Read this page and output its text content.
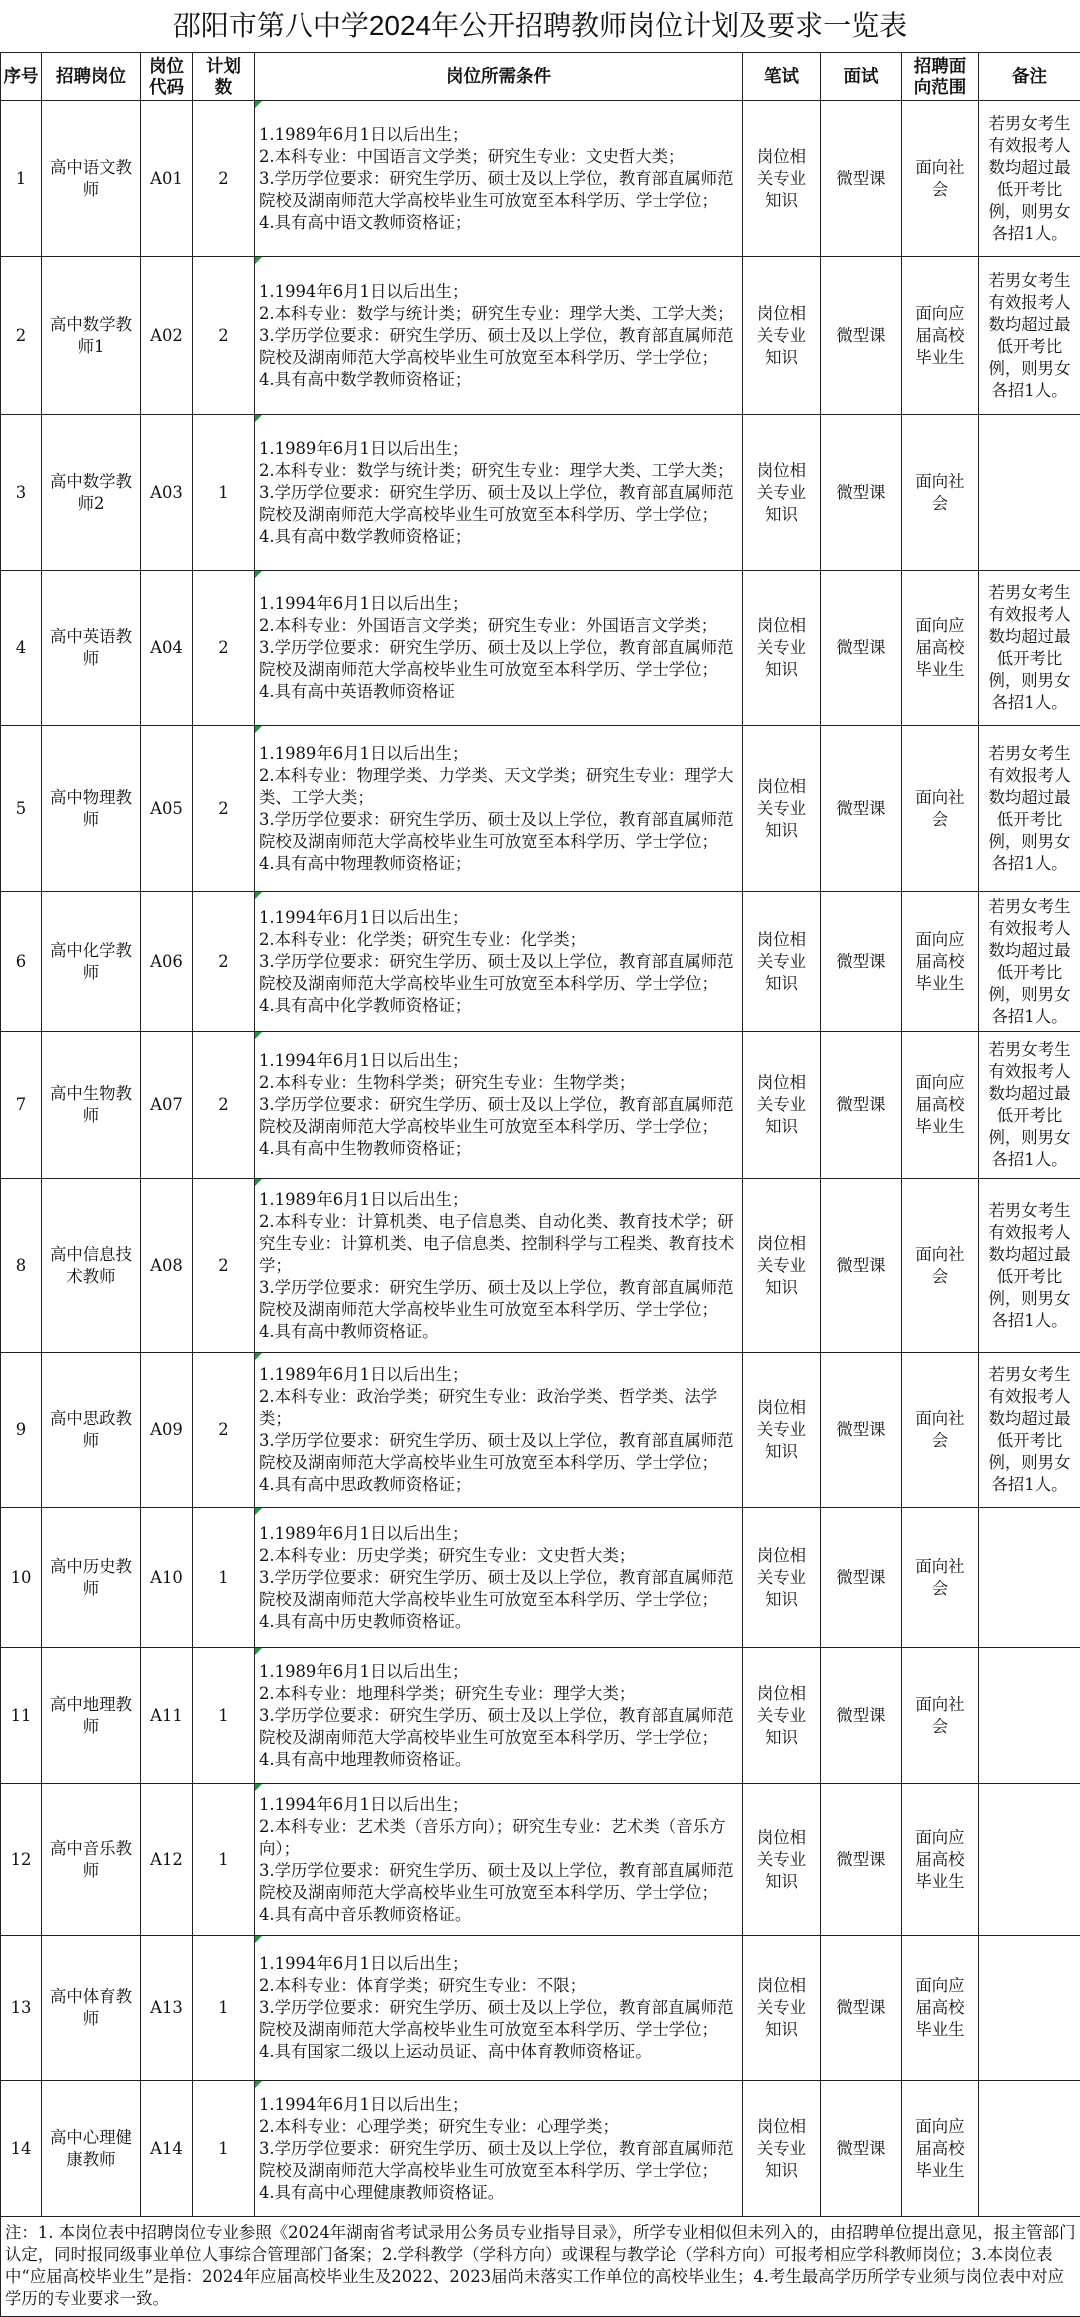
邵阳市第八中学2024年公开招聘教师岗位计划及要求一览表
序号	招聘岗位	岗位代码	计划数	岗位所需条件	笔试	面试	招聘面向范围	备注
1	高中语文教师	A01	2	1.1989年6月1日以后出生；
2.本科专业：中国语言文学类；研究生专业：文史哲大类；
3.学历学位要求：研究生学历、硕士及以上学位，教育部直属师范院校及湖南师范大学高校毕业生可放宽至本科学历、学士学位；
4.具有高中语文教师资格证；	岗位相关专业知识	微型课	面向社会	若男女考生有效报考人数均超过最低开考比例，则男女各招1人。
2	高中数学教师1	A02	2	1.1994年6月1日以后出生；
2.本科专业：数学与统计类；研究生专业：理学大类、工学大类；
3.学历学位要求：研究生学历、硕士及以上学位，教育部直属师范院校及湖南师范大学高校毕业生可放宽至本科学历、学士学位；
4.具有高中数学教师资格证；	岗位相关专业知识	微型课	面向应届高校毕业生	若男女考生有效报考人数均超过最低开考比例，则男女各招1人。
3	高中数学教师2	A03	1	1.1989年6月1日以后出生；
2.本科专业：数学与统计类；研究生专业：理学大类、工学大类；
3.学历学位要求：研究生学历、硕士及以上学位，教育部直属师范院校及湖南师范大学高校毕业生可放宽至本科学历、学士学位；
4.具有高中数学教师资格证；	岗位相关专业知识	微型课	面向社会	
4	高中英语教师	A04	2	1.1994年6月1日以后出生；
2.本科专业：外国语言文学类；研究生专业：外国语言文学类；
3.学历学位要求：研究生学历、硕士及以上学位，教育部直属师范院校及湖南师范大学高校毕业生可放宽至本科学历、学士学位；
4.具有高中英语教师资格证	岗位相关专业知识	微型课	面向应届高校毕业生	若男女考生有效报考人数均超过最低开考比例，则男女各招1人。
5	高中物理教师	A05	2	1.1989年6月1日以后出生；
2.本科专业：物理学类、力学类、天文学类；研究生专业：理学大类、工学大类；
3.学历学位要求：研究生学历、硕士及以上学位，教育部直属师范院校及湖南师范大学高校毕业生可放宽至本科学历、学士学位；
4.具有高中物理教师资格证；	岗位相关专业知识	微型课	面向社会	若男女考生有效报考人数均超过最低开考比例，则男女各招1人。
6	高中化学教师	A06	2	1.1994年6月1日以后出生；
2.本科专业：化学类；研究生专业：化学类；
3.学历学位要求：研究生学历、硕士及以上学位，教育部直属师范院校及湖南师范大学高校毕业生可放宽至本科学历、学士学位；
4.具有高中化学教师资格证；	岗位相关专业知识	微型课	面向应届高校毕业生	若男女考生有效报考人数均超过最低开考比例，则男女各招1人。
7	高中生物教师	A07	2	1.1994年6月1日以后出生；
2.本科专业：生物科学类；研究生专业：生物学类；
3.学历学位要求：研究生学历、硕士及以上学位，教育部直属师范院校及湖南师范大学高校毕业生可放宽至本科学历、学士学位；
4.具有高中生物教师资格证；	岗位相关专业知识	微型课	面向应届高校毕业生	若男女考生有效报考人数均超过最低开考比例，则男女各招1人。
8	高中信息技术教师	A08	2	1.1989年6月1日以后出生；
2.本科专业：计算机类、电子信息类、自动化类、教育技术学；研究生专业：计算机类、电子信息类、控制科学与工程类、教育技术学；
3.学历学位要求：研究生学历、硕士及以上学位，教育部直属师范院校及湖南师范大学高校毕业生可放宽至本科学历、学士学位；
4.具有高中教师资格证。	岗位相关专业知识	微型课	面向社会	若男女考生有效报考人数均超过最低开考比例，则男女各招1人。
9	高中思政教师	A09	2	1.1989年6月1日以后出生；
2.本科专业：政治学类；研究生专业：政治学类、哲学类、法学类；
3.学历学位要求：研究生学历、硕士及以上学位，教育部直属师范院校及湖南师范大学高校毕业生可放宽至本科学历、学士学位；
4.具有高中思政教师资格证；	岗位相关专业知识	微型课	面向社会	若男女考生有效报考人数均超过最低开考比例，则男女各招1人。
10	高中历史教师	A10	1	1.1989年6月1日以后出生；
2.本科专业：历史学类；研究生专业：文史哲大类；
3.学历学位要求：研究生学历、硕士及以上学位，教育部直属师范院校及湖南师范大学高校毕业生可放宽至本科学历、学士学位；
4.具有高中历史教师资格证。	岗位相关专业知识	微型课	面向社会	
11	高中地理教师	A11	1	1.1989年6月1日以后出生；
2.本科专业：地理科学类；研究生专业：理学大类；
3.学历学位要求：研究生学历、硕士及以上学位，教育部直属师范院校及湖南师范大学高校毕业生可放宽至本科学历、学士学位；
4.具有高中地理教师资格证。	岗位相关专业知识	微型课	面向社会	
12	高中音乐教师	A12	1	1.1994年6月1日以后出生；
2.本科专业：艺术类（音乐方向）；研究生专业：艺术类（音乐方向）；
3.学历学位要求：研究生学历、硕士及以上学位，教育部直属师范院校及湖南师范大学高校毕业生可放宽至本科学历、学士学位；
4.具有高中音乐教师资格证。	岗位相关专业知识	微型课	面向应届高校毕业生	
13	高中体育教师	A13	1	1.1994年6月1日以后出生；
2.本科专业：体育学类；研究生专业：不限；
3.学历学位要求：研究生学历、硕士及以上学位，教育部直属师范院校及湖南师范大学高校毕业生可放宽至本科学历、学士学位；
4.具有国家二级以上运动员证、高中体育教师资格证。	岗位相关专业知识	微型课	面向应届高校毕业生	
14	高中心理健康教师	A14	1	1.1994年6月1日以后出生；
2.本科专业：心理学类；研究生专业：心理学类；
3.学历学位要求：研究生学历、硕士及以上学位，教育部直属师范院校及湖南师范大学高校毕业生可放宽至本科学历、学士学位；
4.具有高中心理健康教师资格证。	岗位相关专业知识	微型课	面向应届高校毕业生	
注：1. 本岗位表中招聘岗位专业参照《2024年湖南省考试录用公务员专业指导目录》，所学专业相似但未列入的，由招聘单位提出意见，报主管部门认定，同时报同级事业单位人事综合管理部门备案；2.学科教学（学科方向）或课程与教学论（学科方向）可报考相应学科教师岗位；3.本岗位表中“应届高校毕业生”是指：2024年应届高校毕业生及2022、2023届尚未落实工作单位的高校毕业生；4.考生最高学历所学专业须与岗位表中对应学历的专业要求一致。								
